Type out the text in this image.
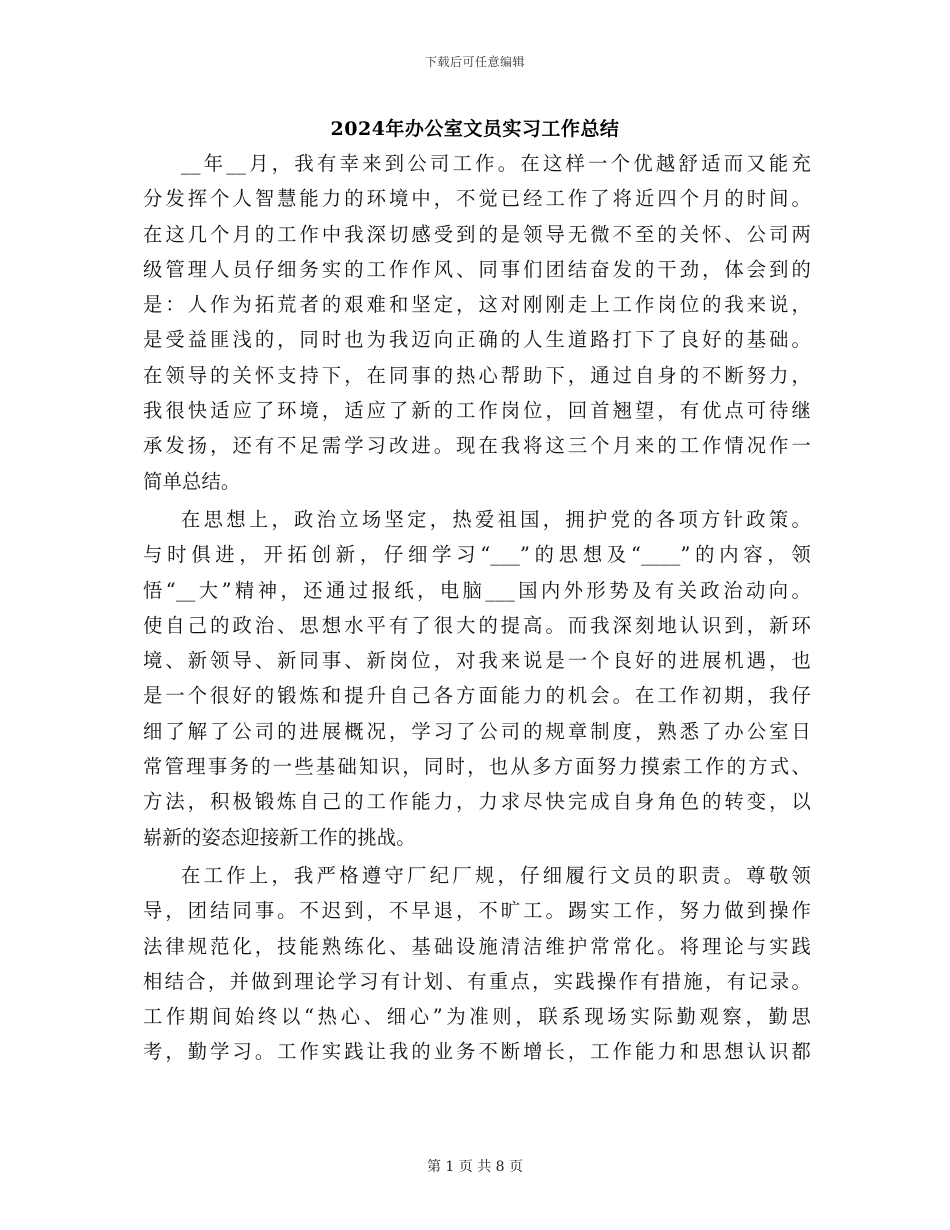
下载后可任意编辑
2024年办公室文员实习工作总结
__年__月，我有幸来到公司工作。在这样一个优越舒适而又能充
分发挥个人智慧能力的环境中，不觉已经工作了将近四个月的时间。
在这几个月的工作中我深切感受到的是领导无微不至的关怀、公司两
级管理人员仔细务实的工作作风、同事们团结奋发的干劲，体会到的
是：人作为拓荒者的艰难和坚定，这对刚刚走上工作岗位的我来说，
是受益匪浅的，同时也为我迈向正确的人生道路打下了良好的基础。
在领导的关怀支持下，在同事的热心帮助下，通过自身的不断努力，
我很快适应了环境，适应了新的工作岗位，回首翘望，有优点可待继
承发扬，还有不足需学习改进。现在我将这三个月来的工作情况作一
简单总结。
在思想上，政治立场坚定，热爱祖国，拥护党的各项方针政策。
与时俱进，开拓创新，仔细学习“___”的思想及“____”的内容，领
悟“__大”精神，还通过报纸，电脑___国内外形势及有关政治动向。
使自己的政治、思想水平有了很大的提高。而我深刻地认识到，新环
境、新领导、新同事、新岗位，对我来说是一个良好的进展机遇，也
是一个很好的锻炼和提升自己各方面能力的机会。在工作初期，我仔
细了解了公司的进展概况，学习了公司的规章制度，熟悉了办公室日
常管理事务的一些基础知识，同时，也从多方面努力摸索工作的方式、
方法，积极锻炼自己的工作能力，力求尽快完成自身角色的转变，以
崭新的姿态迎接新工作的挑战。
在工作上，我严格遵守厂纪厂规，仔细履行文员的职责。尊敬领
导，团结同事。不迟到，不早退，不旷工。踢实工作，努力做到操作
法律规范化，技能熟练化、基础设施清洁维护常常化。将理论与实践
相结合，并做到理论学习有计划、有重点，实践操作有措施，有记录。
工作期间始终以“热心、细心”为准则，联系现场实际勤观察，勤思
考，勤学习。工作实践让我的业务不断增长，工作能力和思想认识都
第 1 页 共 8 页
